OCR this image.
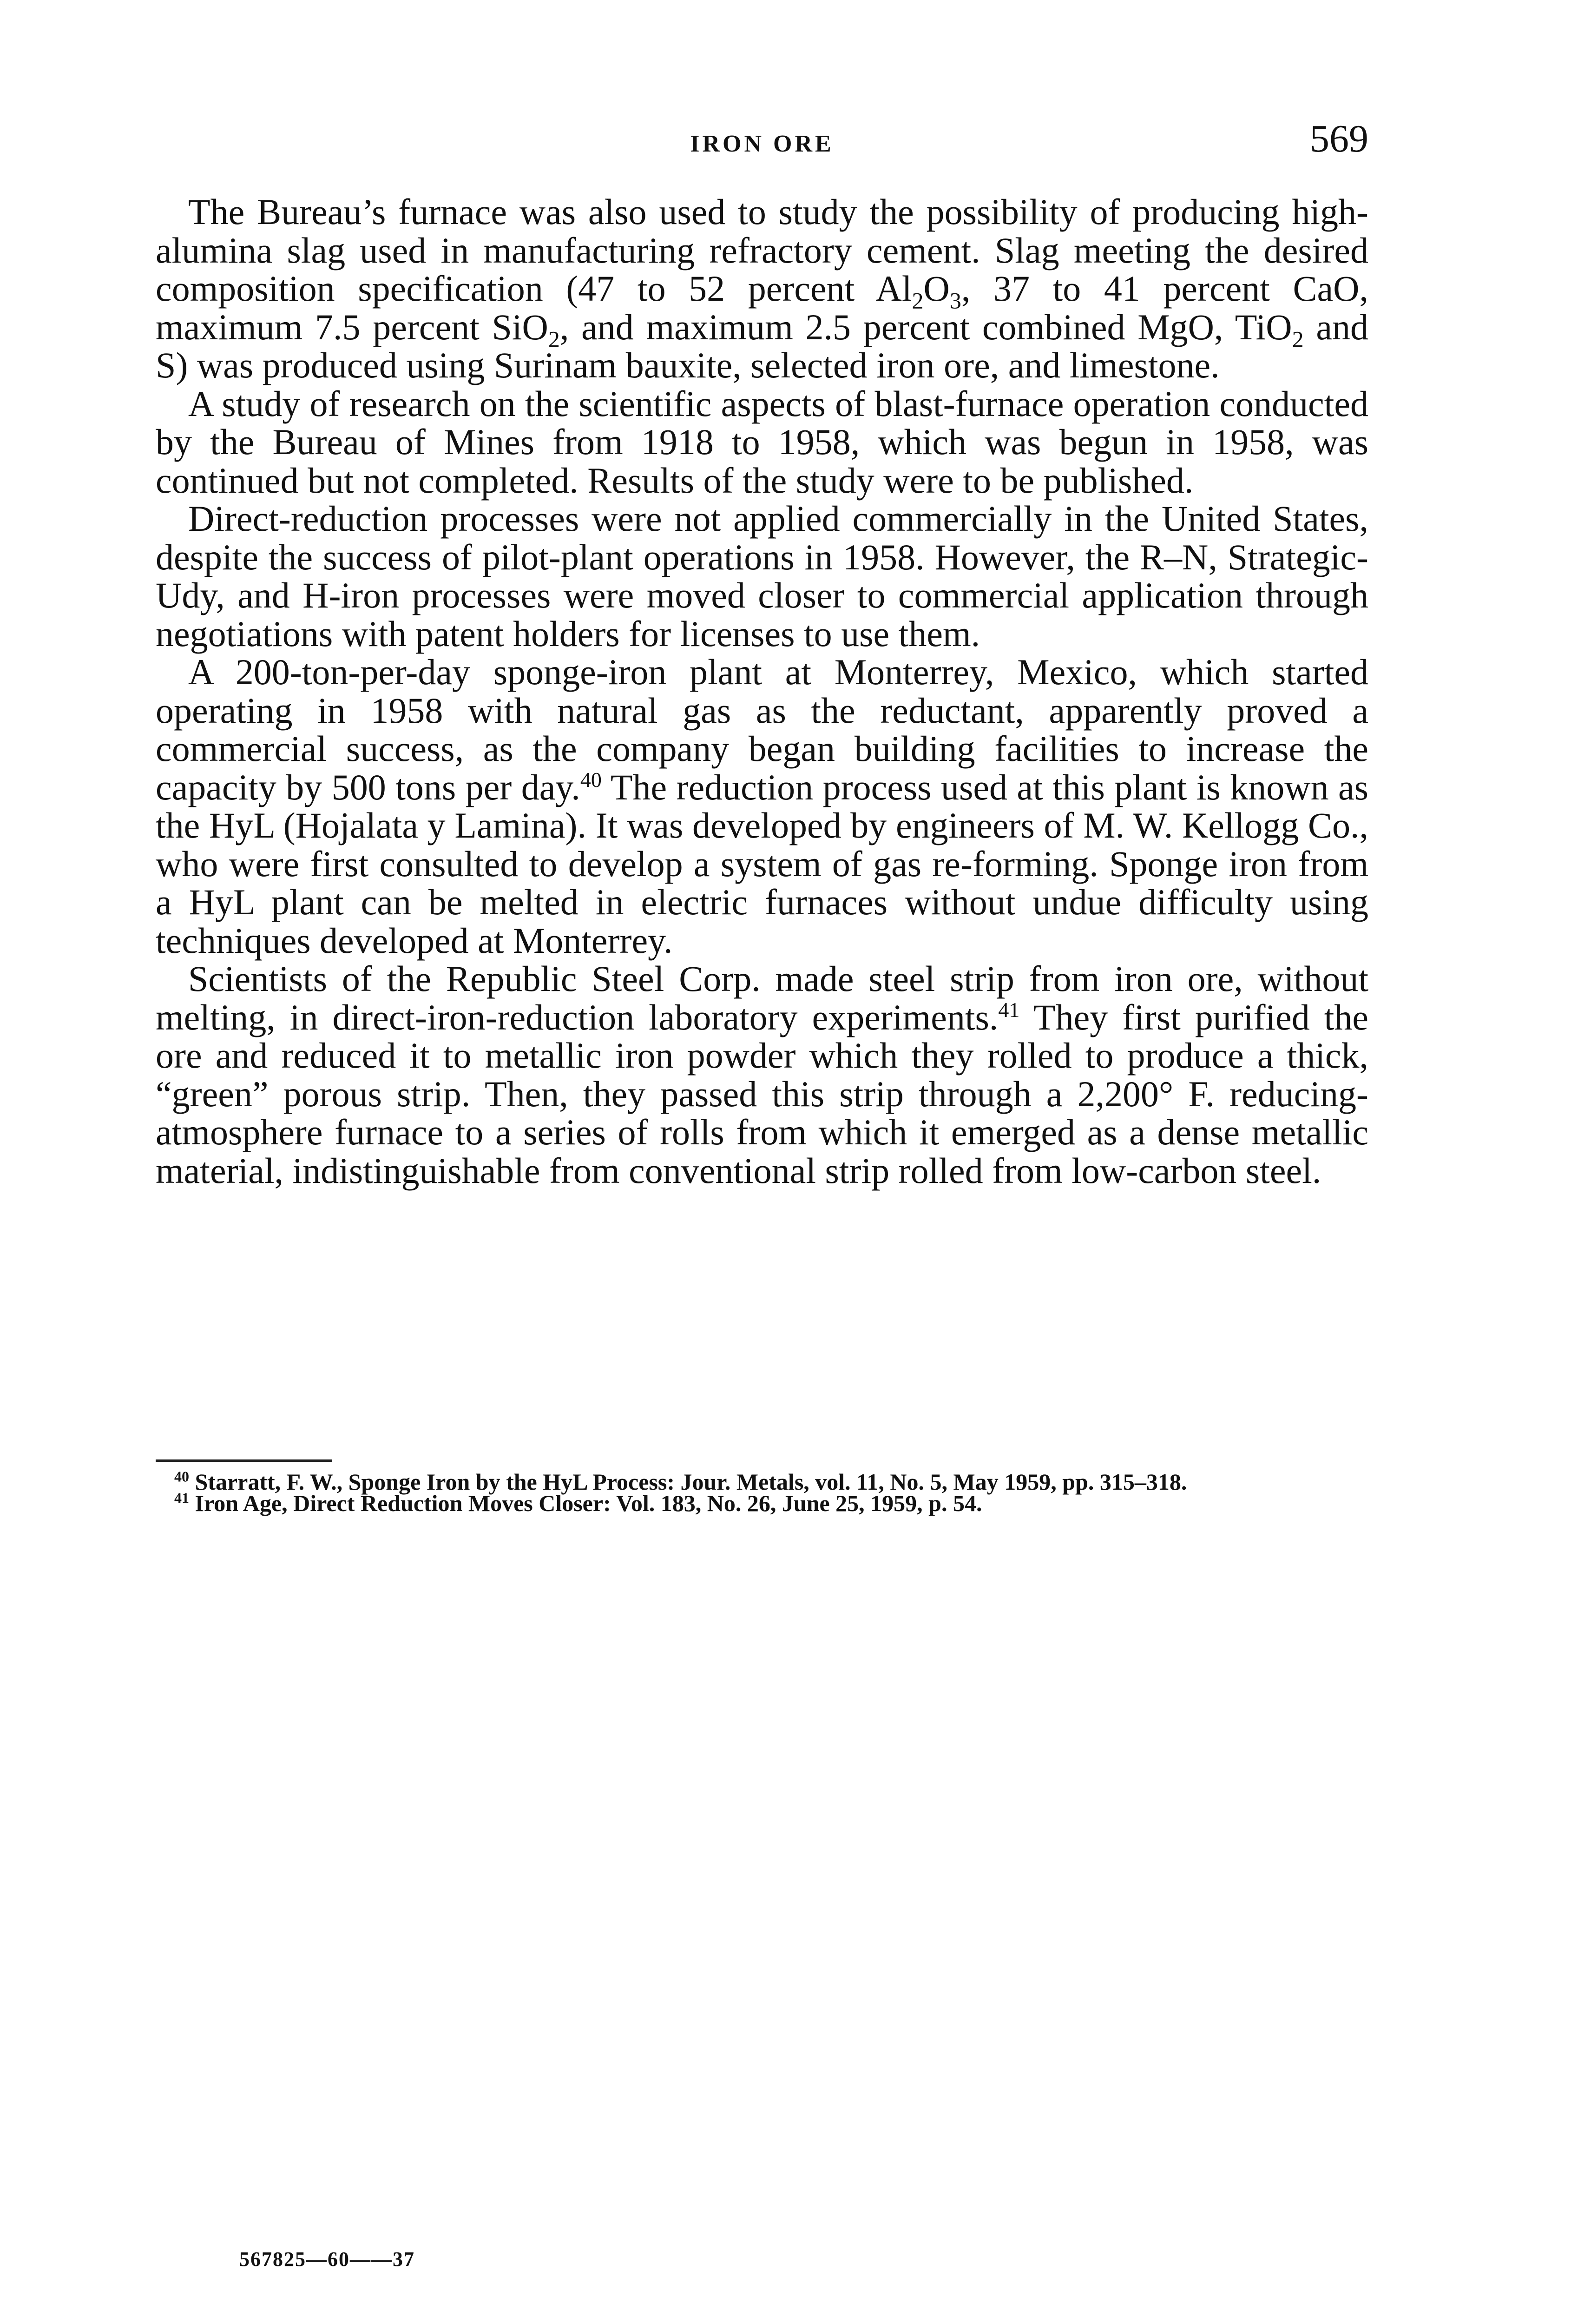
IRON ORE	569

The Bureau’s furnace was also used to study the possibility of producing high-alumina slag used in manufacturing refractory cement. Slag meeting the desired composition specification (47 to 52 percent $Al_2O_3$, 37 to 41 percent CaO, maximum 7.5 percent SiO$_2$, and maximum 2.5 percent combined MgO, TiO$_2$ and S) was produced using Surinam bauxite, selected iron ore, and limestone.

A study of research on the scientific aspects of blast-furnace operation conducted by the Bureau of Mines from 1918 to 1958, which was begun in 1958, was continued but not completed. Results of the study were to be published.

Direct-reduction processes were not applied commercially in the United States, despite the success of pilot-plant operations in 1958. However, the R–N, Strategic-Udy, and H-iron processes were moved closer to commercial application through negotiations with patent holders for licenses to use them.

A 200-ton-per-day sponge-iron plant at Monterrey, Mexico, which started operating in 1958 with natural gas as the reductant, apparently proved a commercial success, as the company began building facilities to increase the capacity by 500 tons per day.$^{40}$ The reduction process used at this plant is known as the HyL (Hojalata y Lamina). It was developed by engineers of M. W. Kellogg Co., who were first consulted to develop a system of gas re-forming. Sponge iron from a HyL plant can be melted in electric furnaces without undue difficulty using techniques developed at Monterrey.

Scientists of the Republic Steel Corp. made steel strip from iron ore, without melting, in direct-iron-reduction laboratory experiments.$^{41}$ They first purified the ore and reduced it to metallic iron powder which they rolled to produce a thick, “green” porous strip. Then, they passed this strip through a 2,200° F. reducing-atmosphere furnace to a series of rolls from which it emerged as a dense metallic material, indistinguishable from conventional strip rolled from low-carbon steel.

$^{40}$ Starratt, F. W., Sponge Iron by the HyL Process: Jour. Metals, vol. 11, No. 5, May 1959, pp. 315–318.

$^{41}$ Iron Age, Direct Reduction Moves Closer: Vol. 183, No. 26, June 25, 1959, p. 54.

567825—60——37
